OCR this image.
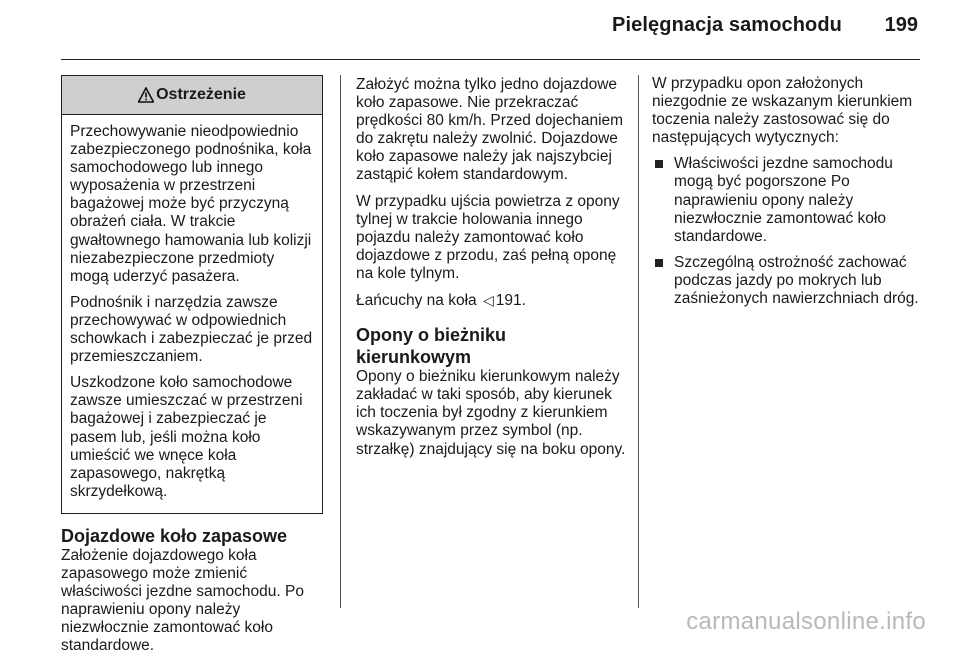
Pielęgnacja samochodu 199
Ostrzeżenie

Przechowywanie nieodpowiednio zabezpieczonego podnośnika, koła samochodowego lub innego wyposażenia w przestrzeni bagażowej może być przyczyną obrażeń ciała. W trakcie gwałtownego hamowania lub kolizji niezabezpieczone przedmioty mogą uderzyć pasażera.

Podnośnik i narzędzia zawsze przechowywać w odpowiednich schowkach i zabezpieczać je przed przemieszczaniem.

Uszkodzone koło samochodowe zawsze umieszczać w przestrzeni bagażowej i zabezpieczać je pasem lub, jeśli można koło umieścić we wnęce koła zapasowego, nakrętką skrzydełkową.

Dojazdowe koło zapasowe

Założenie dojazdowego koła zapasowego może zmienić właściwości jezdne samochodu. Po naprawieniu opony należy niezwłocznie zamontować koło standardowe.

Założyć można tylko jedno dojazdowe koło zapasowe. Nie przekraczać prędkości 80 km/h. Przed dojechaniem do zakrętu należy zwolnić. Dojazdowe koło zapasowe należy jak najszybciej zastąpić kołem standardowym.

W przypadku ujścia powietrza z opony tylnej w trakcie holowania innego pojazdu należy zamontować koło dojazdowe z przodu, zaś pełną oponę na kole tylnym.

Łańcuchy na koła ◁ 191.

Opony o bieżniku kierunkowym

Opony o bieżniku kierunkowym należy zakładać w taki sposób, aby kierunek ich toczenia był zgodny z kierunkiem wskazywanym przez symbol (np. strzałkę) znajdujący się na boku opony.

W przypadku opon założonych niezgodnie ze wskazanym kierunkiem toczenia należy zastosować się do następujących wytycznych:

Właściwości jezdne samochodu mogą być pogorszone Po naprawieniu opony należy niezwłocznie zamontować koło standardowe.
Szczególną ostrożność zachować podczas jazdy po mokrych lub zaśnieżonych nawierzchniach dróg.
carmanualsonline.info
